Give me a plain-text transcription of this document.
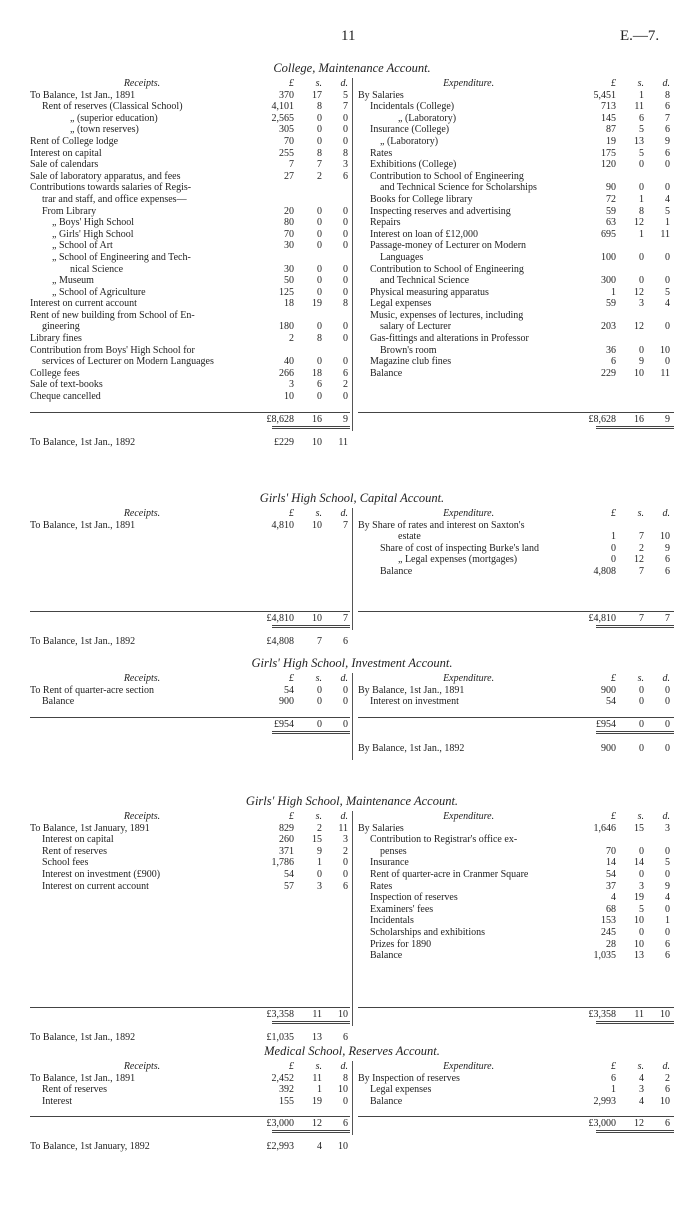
11	E.—7.
College, Maintenance Account.
Receipts.	£	s.	d.
To Balance, 1st Jan., 1891	370	17	5
Rent of reserves (Classical School)	4,101	8	7
„ (superior education)	2,565	0	0
„ (town reserves)	305	0	0
Rent of College lodge	70	0	0
Interest on capital	255	8	8
Sale of calendars	7	7	3
Sale of laboratory apparatus, and fees	27	2	6
Contributions towards salaries of Regis-
trar and staff, and office expenses—
From Library	20	0	0
„ Boys' High School	80	0	0
„ Girls' High School	70	0	0
„ School of Art	30	0	0
„ School of Engineering and Tech-
nical Science	30	0	0
„ Museum	50	0	0
„ School of Agriculture	125	0	0
Interest on current account	18	19	8
Rent of new building from School of En-
gineering	180	0	0
Library fines	2	8	0
Contribution from Boys' High School for
services of Lecturer on Modern Languages	40	0	0
College fees	266	18	6
Sale of text-books	3	6	2
Cheque cancelled	10	0	0
£8,628	16	9
To Balance, 1st Jan., 1892	£229	10	11
Expenditure.	£	s.	d.
By Salaries	5,451	1	8
Incidentals (College)	713	11	6
„ (Laboratory)	145	6	7
Insurance (College)	87	5	6
„ (Laboratory)	19	13	9
Rates	175	5	6
Exhibitions (College)	120	0	0
Contribution to School of Engineering
and Technical Science for Scholarships	90	0	0
Books for College library	72	1	4
Inspecting reserves and advertising	59	8	5
Repairs	63	12	1
Interest on loan of £12,000	695	1	11
Passage-money of Lecturer on Modern
Languages	100	0	0
Contribution to School of Engineering
and Technical Science	300	0	0
Physical measuring apparatus	1	12	5
Legal expenses	59	3	4
Music, expenses of lectures, including
salary of Lecturer	203	12	0
Gas-fittings and alterations in Professor
Brown's room	36	0	10
Magazine club fines	6	9	0
Balance	229	10	11
£8,628	16	9
Girls' High School, Capital Account.
Receipts.	£	s.	d.
To Balance, 1st Jan., 1891	4,810	10	7
£4,810	10	7
To Balance, 1st Jan., 1892	£4,808	7	6
Expenditure.	£	s.	d.
By Share of rates and interest on Saxton's
estate	1	7	10
Share of cost of inspecting Burke's land	0	2	9
„ Legal expenses (mortgages)	0	12	6
Balance	4,808	7	6
£4,810	7	7
Girls' High School, Investment Account.
Receipts.	£	s.	d.
To Rent of quarter-acre section	54	0	0
Balance	900	0	0
£954	0	0
Expenditure.	£	s.	d.
By Balance, 1st Jan., 1891	900	0	0
Interest on investment	54	0	0
£954	0	0
By Balance, 1st Jan., 1892	900	0	0
Girls' High School, Maintenance Account.
Receipts.	£	s.	d.
To Balance, 1st January, 1891	829	2	11
Interest on capital	260	15	3
Rent of reserves	371	9	2
School fees	1,786	1	0
Interest on investment (£900)	54	0	0
Interest on current account	57	3	6
£3,358	11	10
To Balance, 1st Jan., 1892	£1,035	13	6
Expenditure.	£	s.	d.
By Salaries	1,646	15	3
Contribution to Registrar's office ex-
penses	70	0	0
Insurance	14	14	5
Rent of quarter-acre in Cranmer Square	54	0	0
Rates	37	3	9
Inspection of reserves	4	19	4
Examiners' fees	68	5	0
Incidentals	153	10	1
Scholarships and exhibitions	245	0	0
Prizes for 1890	28	10	6
Balance	1,035	13	6
£3,358	11	10
Medical School, Reserves Account.
Receipts.	£	s.	d.
To Balance, 1st Jan., 1891	2,452	11	8
Rent of reserves	392	1	10
Interest	155	19	0
£3,000	12	6
To Balance, 1st January, 1892	£2,993	4	10
Expenditure.	£	s.	d.
By Inspection of reserves	6	4	2
Legal expenses	1	3	6
Balance	2,993	4	10
£3,000	12	6
